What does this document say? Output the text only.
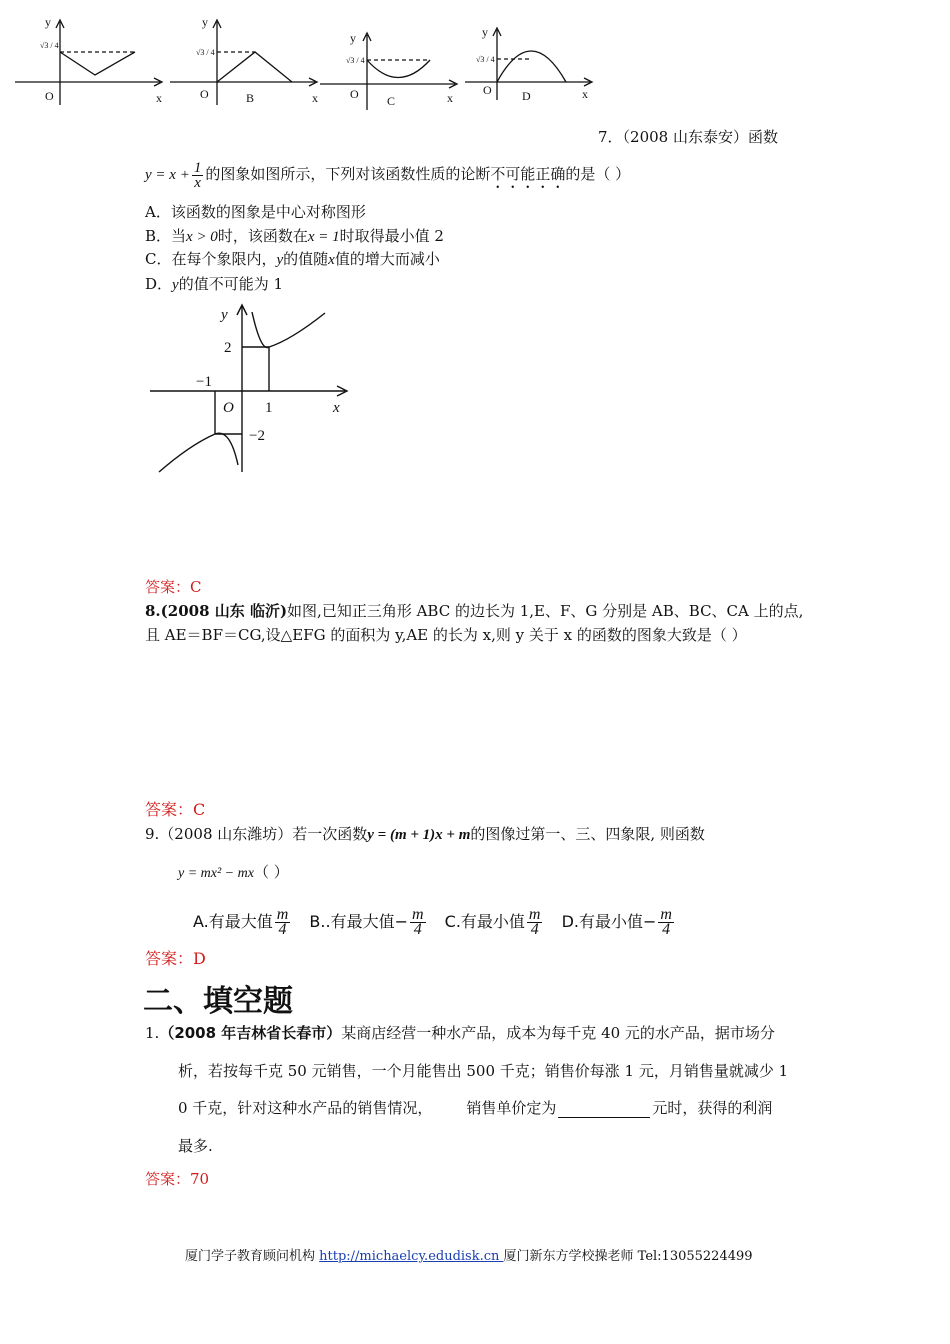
y
O	x
y
O	x
B
y
O	x
C
y
O	x
D
√3 / 4
√3 / 4
√3 / 4	√3 / 4
7．（2008 山东泰安）函数
$y = x + \frac{1}{x}$ 的图象如图所示，下列对该函数性质的论断不可能正确的是（ ）
A．该函数的图象是中心对称图形
B．当x > 0时，该函数在x = 1时取得最小值 2
C．在每个象限内，y的值随x值的增大而减小
D．y的值不可能为 1
y
x
O
2
−1
1
−2
答案：C
8.(2008 山东 临沂)如图,已知正三角形 ABC 的边长为 1,E、F、G 分别是 AB、BC、CA 上的点,
且 AE＝BF＝CG,设△EFG 的面积为 y,AE 的长为 x,则 y 关于 x 的函数的图象大致是（ ）
答案：C
9.（2008 山东潍坊）若一次函数y = (m + 1)x + m的图像过第一、三、四象限, 则函数
y = mx² − mx（ ）
A.有最大值 $\frac{m}{4} B$..有最大值− $\frac{m}{4} C$.有最小值 $\frac{m}{4} D$.有最小值− $\frac{m}{4}$
答案：D
二、填空题
1.（2008 年吉林省长春市）某商店经营一种水产品，成本为每千克 40 元的水产品，据市场分
析，若按每千克 50 元销售，一个月能售出 500 千克；销售价每涨 1 元，月销售量就减少 1
0 千克，针对这种水产品的销售情况， 销售单价定为	元时，获得的利润
最多.
答案：70
厦门学子教育顾问机构 http://michaelcy.edudisk.cn 厦门新东方学校操老师 Tel:13055224499
